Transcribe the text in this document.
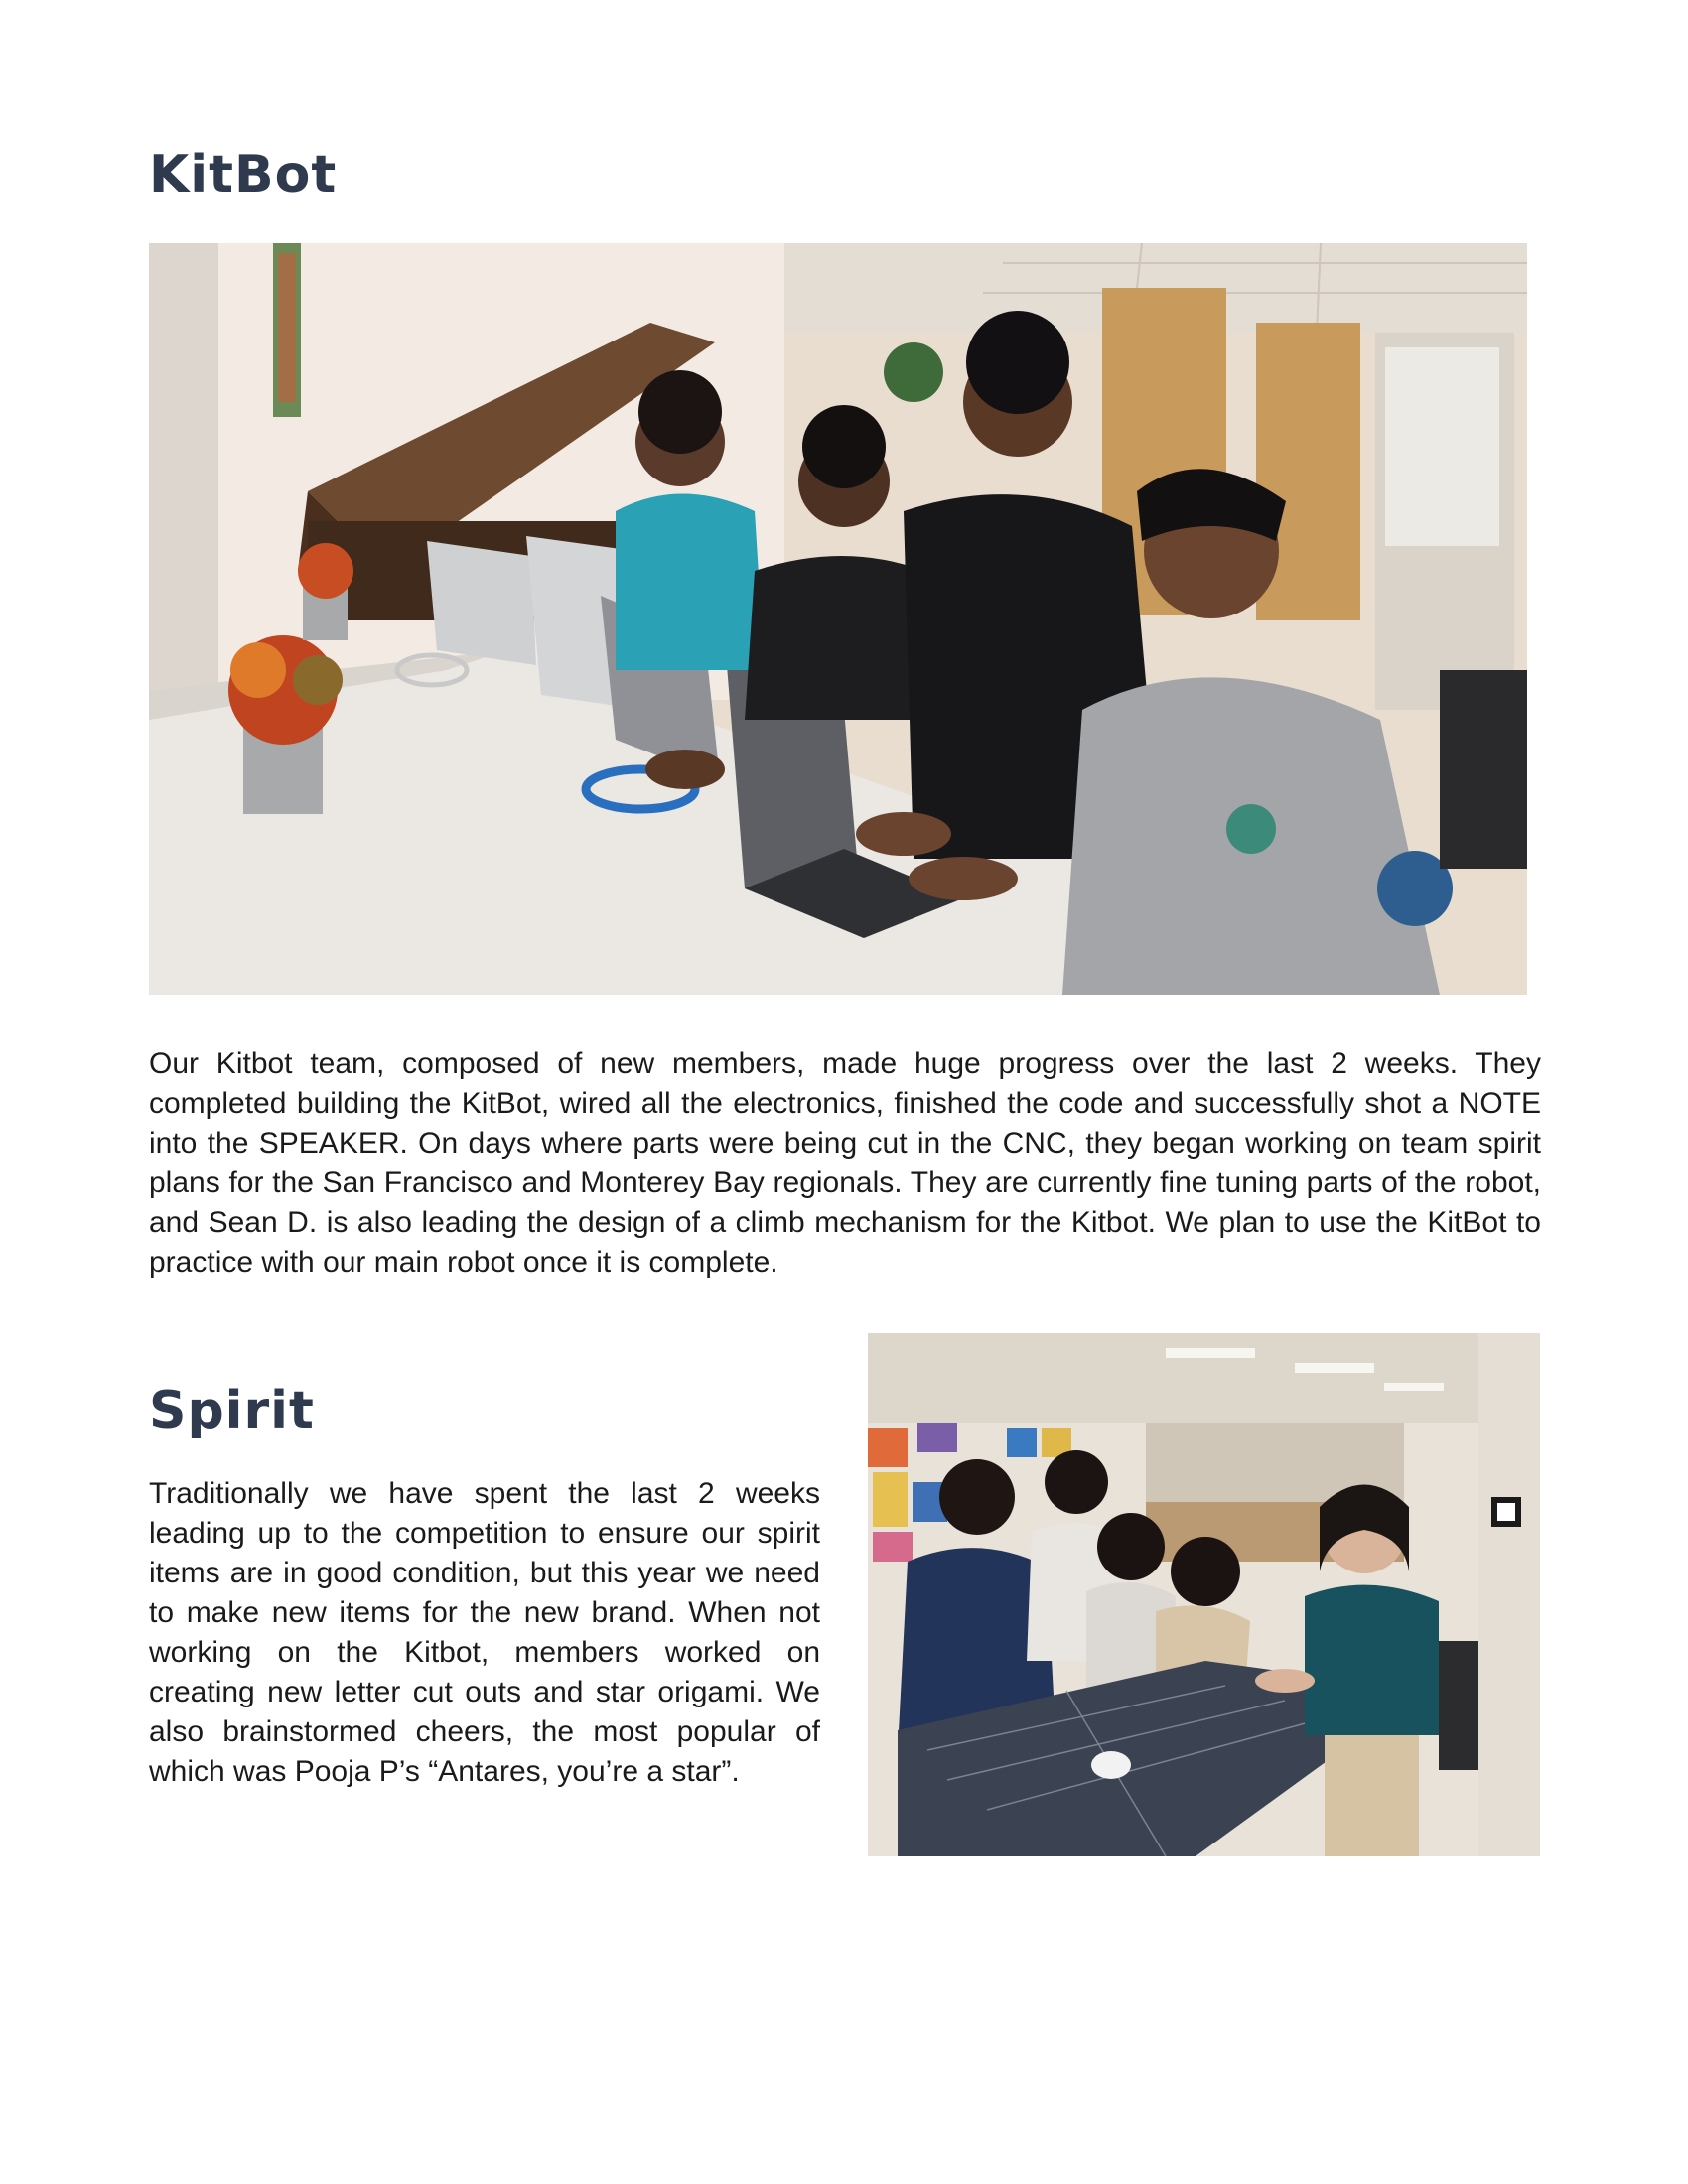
KitBot

Our Kitbot team, composed of new members, made huge progress over the last 2 weeks. They completed building the KitBot, wired all the electronics, finished the code and successfully shot a NOTE into the SPEAKER. On days where parts were being cut in the CNC, they began working on team spirit plans for the San Francisco and Monterey Bay regionals. They are currently fine tuning parts of the robot, and Sean D. is also leading the design of a climb mechanism for the Kitbot. We plan to use the KitBot to practice with our main robot once it is complete.

Spirit

Traditionally we have spent the last 2 weeks leading up to the competition to ensure our spirit items are in good condition, but this year we need to make new items for the new brand. When not working on the Kitbot, members worked on creating new letter cut outs and star origami. We also brainstormed cheers, the most popular of which was Pooja P’s “Antares, you’re a star”.
